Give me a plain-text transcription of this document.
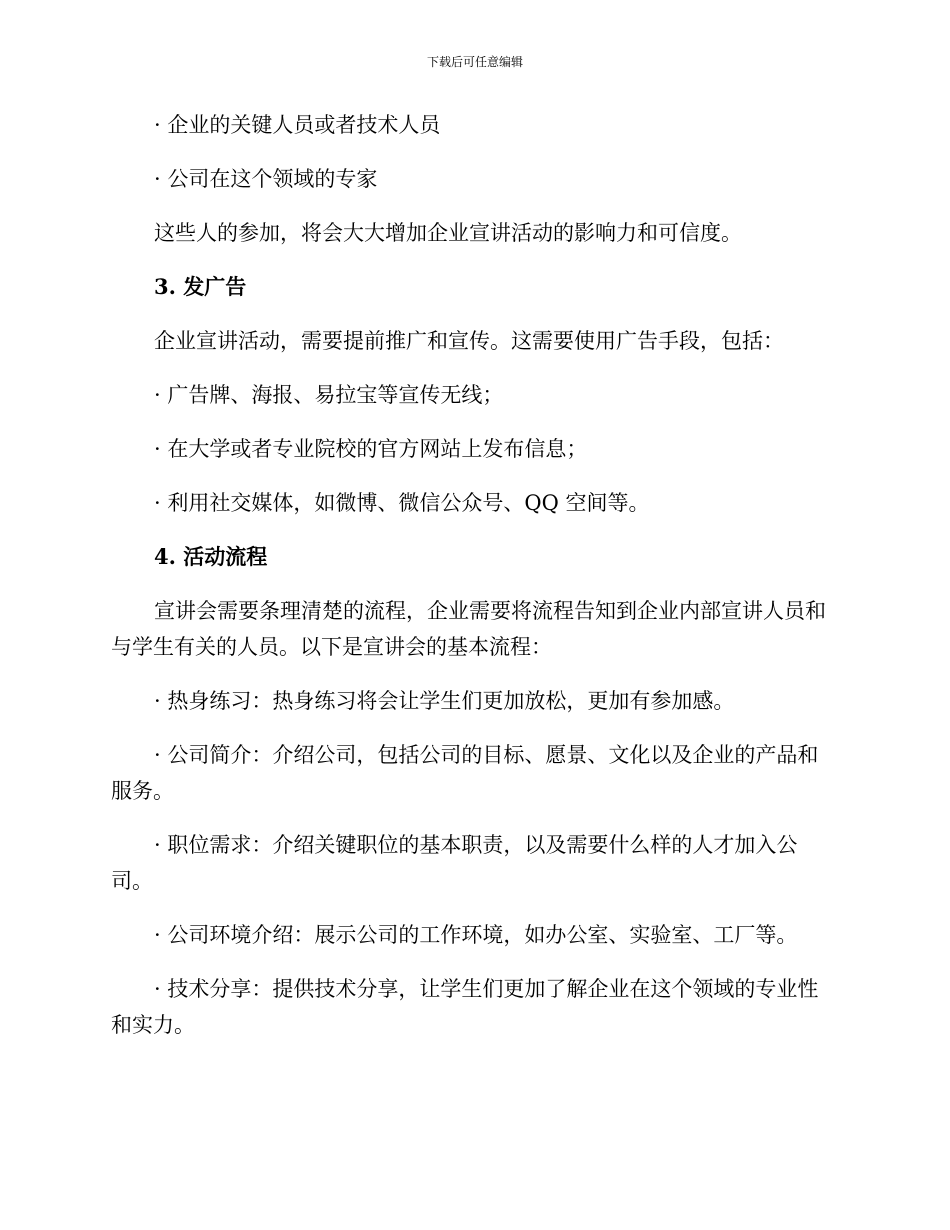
下载后可任意编辑

· 企业的关键人员或者技术人员

· 公司在这个领域的专家

这些人的参加，将会大大增加企业宣讲活动的影响力和可信度。

3. 发广告

企业宣讲活动，需要提前推广和宣传。这需要使用广告手段，包括：

· 广告牌、海报、易拉宝等宣传无线；

· 在大学或者专业院校的官方网站上发布信息；

· 利用社交媒体，如微博、微信公众号、QQ 空间等。

4. 活动流程

宣讲会需要条理清楚的流程，企业需要将流程告知到企业内部宣讲人员和与学生有关的人员。以下是宣讲会的基本流程：

· 热身练习：热身练习将会让学生们更加放松，更加有参加感。

· 公司简介：介绍公司，包括公司的目标、愿景、文化以及企业的产品和服务。

· 职位需求：介绍关键职位的基本职责，以及需要什么样的人才加入公司。

· 公司环境介绍：展示公司的工作环境，如办公室、实验室、工厂等。

· 技术分享：提供技术分享，让学生们更加了解企业在这个领域的专业性和实力。
